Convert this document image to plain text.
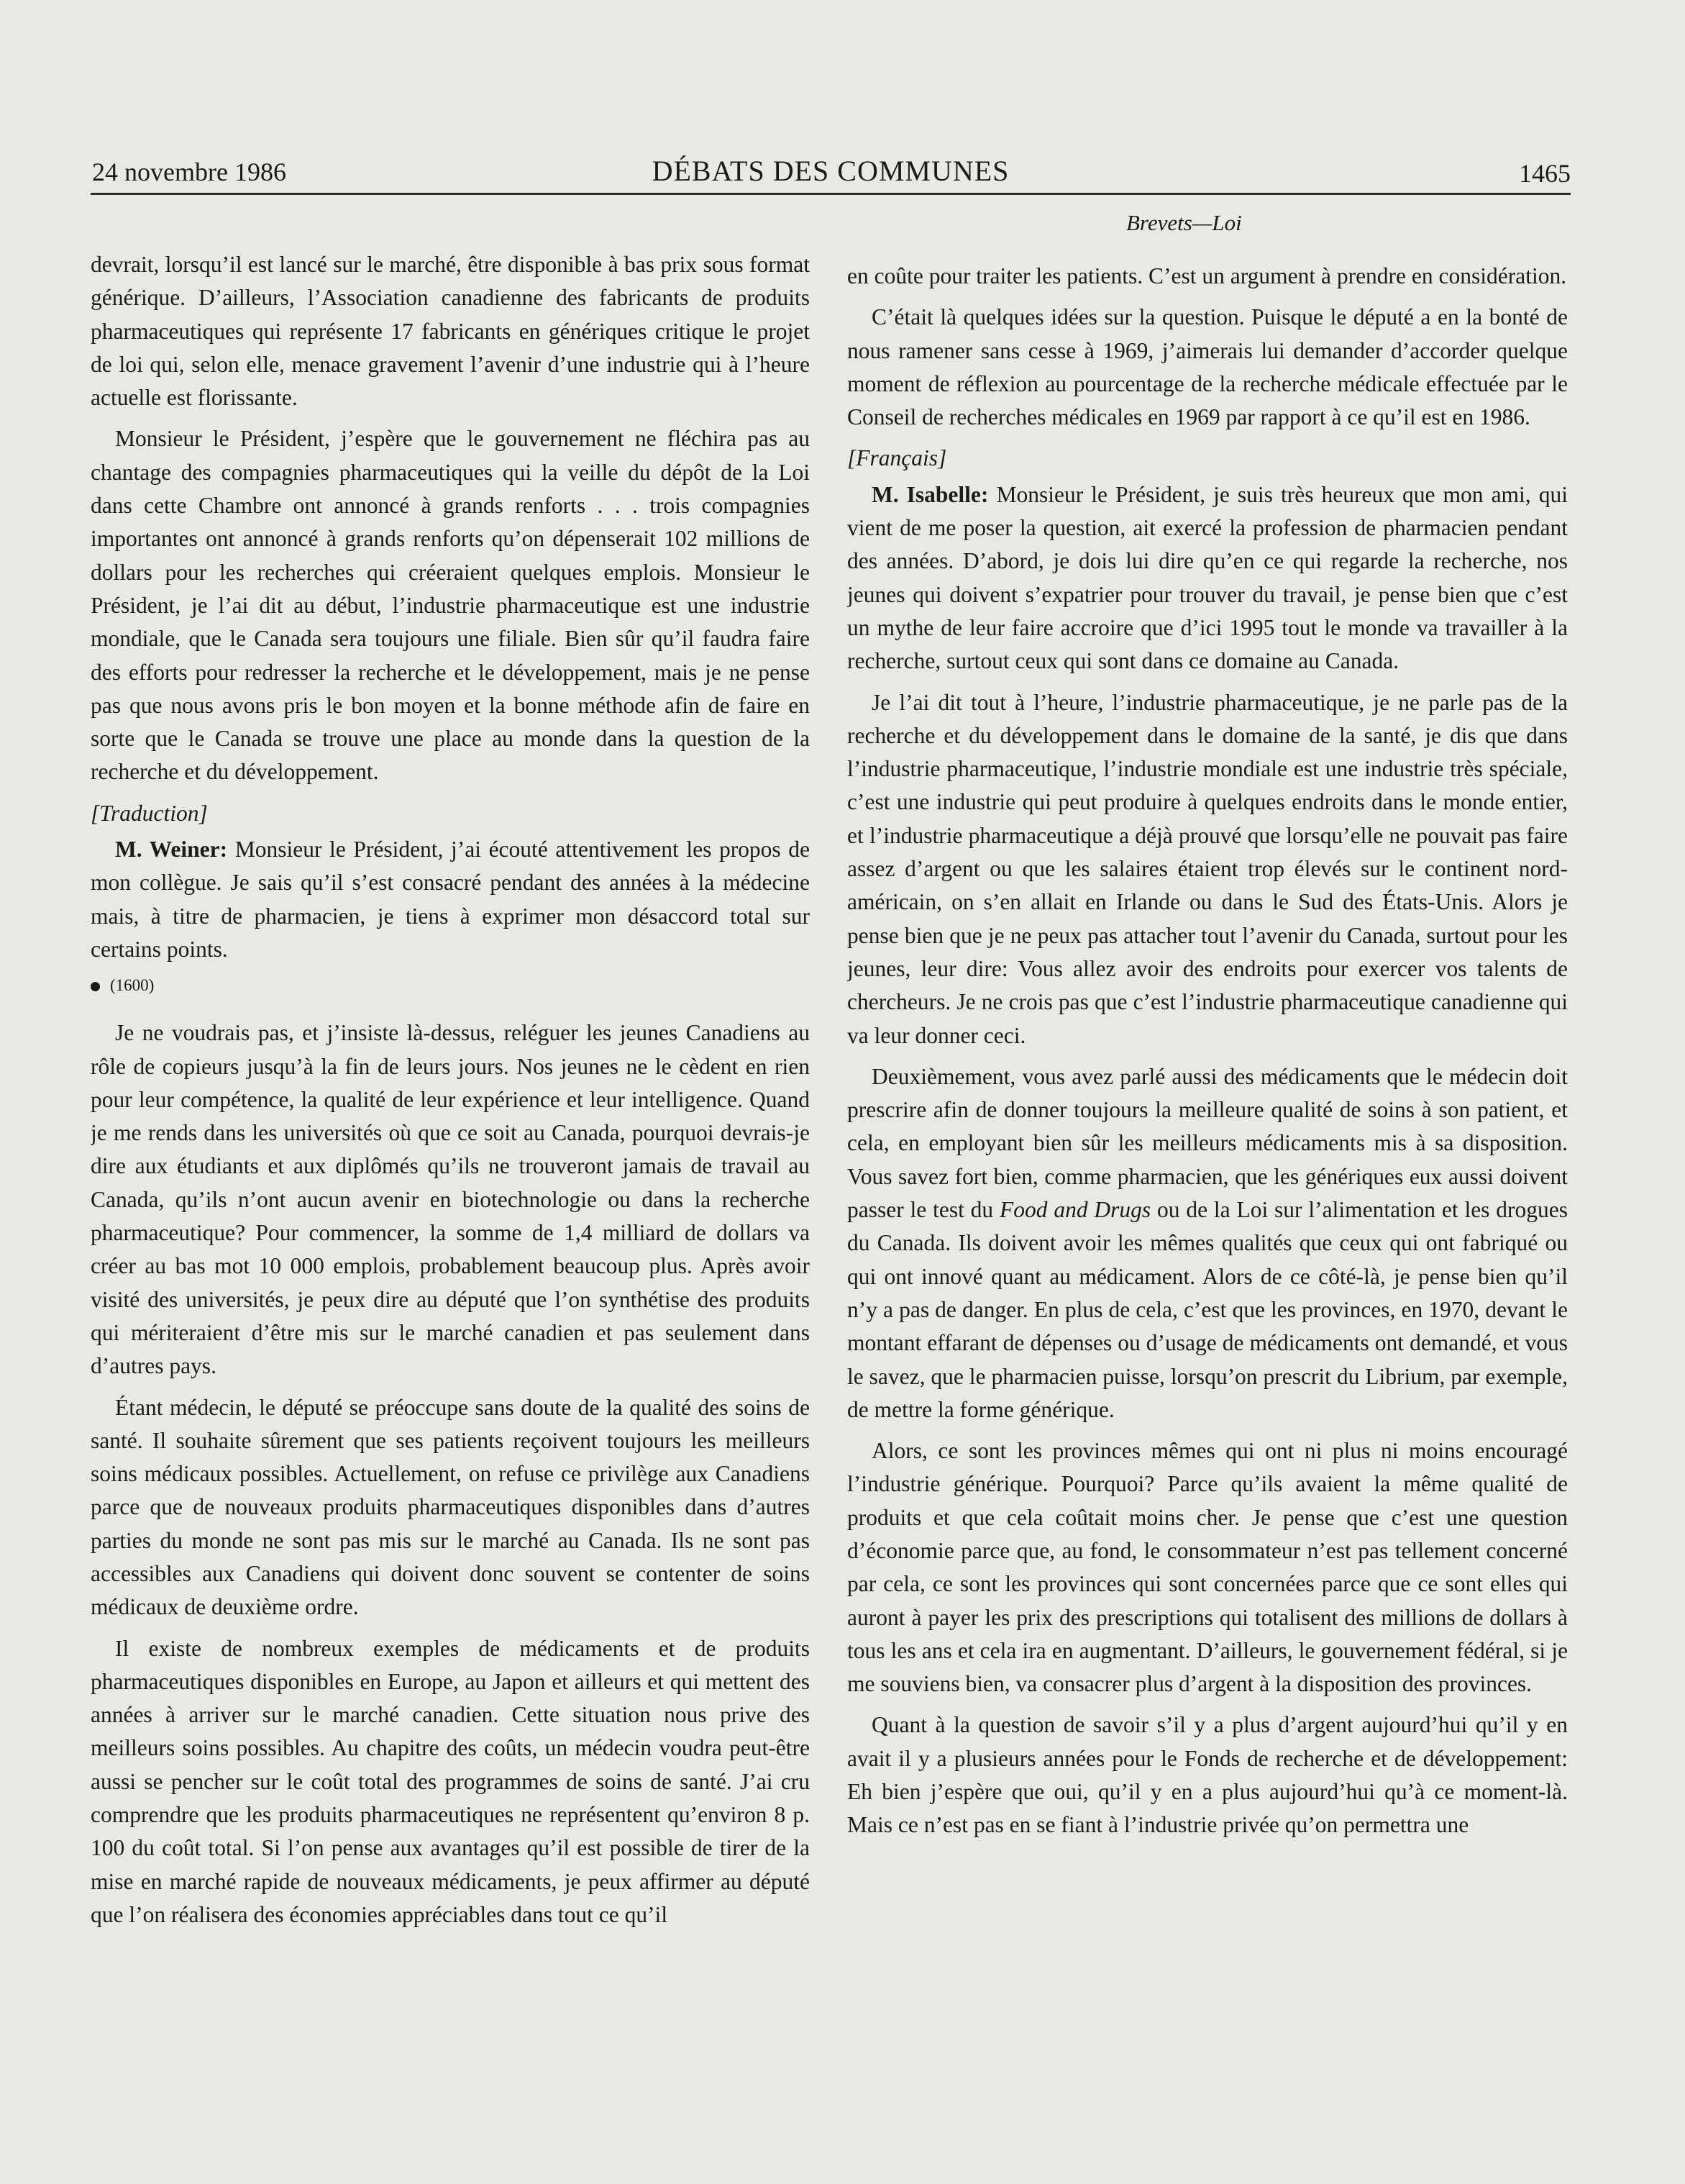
24 novembre 1986	DÉBATS DES COMMUNES	1465
Brevets—Loi

devrait, lorsqu’il est lancé sur le marché, être disponible à bas prix sous format générique. D’ailleurs, l’Association canadienne des fabricants de produits pharmaceutiques qui représente 17 fabricants en génériques critique le projet de loi qui, selon elle, menace gravement l’avenir d’une industrie qui à l’heure actuelle est florissante.

Monsieur le Président, j’espère que le gouvernement ne fléchira pas au chantage des compagnies pharmaceutiques qui la veille du dépôt de la Loi dans cette Chambre ont annoncé à grands renforts . . . trois compagnies importantes ont annoncé à grands renforts qu’on dépenserait 102 millions de dollars pour les recherches qui créeraient quelques emplois. Monsieur le Président, je l’ai dit au début, l’industrie pharmaceutique est une industrie mondiale, que le Canada sera toujours une filiale. Bien sûr qu’il faudra faire des efforts pour redresser la recherche et le développement, mais je ne pense pas que nous avons pris le bon moyen et la bonne méthode afin de faire en sorte que le Canada se trouve une place au monde dans la question de la recherche et du développement.

[Traduction]

M. Weiner: Monsieur le Président, j’ai écouté attentivement les propos de mon collègue. Je sais qu’il s’est consacré pendant des années à la médecine mais, à titre de pharmacien, je tiens à exprimer mon désaccord total sur certains points.

(1600)

Je ne voudrais pas, et j’insiste là-dessus, reléguer les jeunes Canadiens au rôle de copieurs jusqu’à la fin de leurs jours. Nos jeunes ne le cèdent en rien pour leur compétence, la qualité de leur expérience et leur intelligence. Quand je me rends dans les universités où que ce soit au Canada, pourquoi devrais-je dire aux étudiants et aux diplômés qu’ils ne trouveront jamais de travail au Canada, qu’ils n’ont aucun avenir en biotechnologie ou dans la recherche pharmaceutique? Pour commencer, la somme de 1,4 milliard de dollars va créer au bas mot 10 000 emplois, probablement beaucoup plus. Après avoir visité des universités, je peux dire au député que l’on synthétise des produits qui mériteraient d’être mis sur le marché canadien et pas seulement dans d’autres pays.

Étant médecin, le député se préoccupe sans doute de la qualité des soins de santé. Il souhaite sûrement que ses patients reçoivent toujours les meilleurs soins médicaux possibles. Actuellement, on refuse ce privilège aux Canadiens parce que de nouveaux produits pharmaceutiques disponibles dans d’autres parties du monde ne sont pas mis sur le marché au Canada. Ils ne sont pas accessibles aux Canadiens qui doivent donc souvent se contenter de soins médicaux de deuxième ordre.

Il existe de nombreux exemples de médicaments et de produits pharmaceutiques disponibles en Europe, au Japon et ailleurs et qui mettent des années à arriver sur le marché canadien. Cette situation nous prive des meilleurs soins possibles. Au chapitre des coûts, un médecin voudra peut-être aussi se pencher sur le coût total des programmes de soins de santé. J’ai cru comprendre que les produits pharmaceutiques ne représentent qu’environ 8 p. 100 du coût total. Si l’on pense aux avantages qu’il est possible de tirer de la mise en marché rapide de nouveaux médicaments, je peux affirmer au député que l’on réalisera des économies appréciables dans tout ce qu’il

en coûte pour traiter les patients. C’est un argument à prendre en considération.

C’était là quelques idées sur la question. Puisque le député a en la bonté de nous ramener sans cesse à 1969, j’aimerais lui demander d’accorder quelque moment de réflexion au pourcentage de la recherche médicale effectuée par le Conseil de recherches médicales en 1969 par rapport à ce qu’il est en 1986.

[Français]

M. Isabelle: Monsieur le Président, je suis très heureux que mon ami, qui vient de me poser la question, ait exercé la profession de pharmacien pendant des années. D’abord, je dois lui dire qu’en ce qui regarde la recherche, nos jeunes qui doivent s’expatrier pour trouver du travail, je pense bien que c’est un mythe de leur faire accroire que d’ici 1995 tout le monde va travailler à la recherche, surtout ceux qui sont dans ce domaine au Canada.

Je l’ai dit tout à l’heure, l’industrie pharmaceutique, je ne parle pas de la recherche et du développement dans le domaine de la santé, je dis que dans l’industrie pharmaceutique, l’industrie mondiale est une industrie très spéciale, c’est une industrie qui peut produire à quelques endroits dans le monde entier, et l’industrie pharmaceutique a déjà prouvé que lorsqu’elle ne pouvait pas faire assez d’argent ou que les salaires étaient trop élevés sur le continent nord-américain, on s’en allait en Irlande ou dans le Sud des États-Unis. Alors je pense bien que je ne peux pas attacher tout l’avenir du Canada, surtout pour les jeunes, leur dire: Vous allez avoir des endroits pour exercer vos talents de chercheurs. Je ne crois pas que c’est l’industrie pharmaceutique canadienne qui va leur donner ceci.

Deuxièmement, vous avez parlé aussi des médicaments que le médecin doit prescrire afin de donner toujours la meilleure qualité de soins à son patient, et cela, en employant bien sûr les meilleurs médicaments mis à sa disposition. Vous savez fort bien, comme pharmacien, que les génériques eux aussi doivent passer le test du Food and Drugs ou de la Loi sur l’alimentation et les drogues du Canada. Ils doivent avoir les mêmes qualités que ceux qui ont fabriqué ou qui ont innové quant au médicament. Alors de ce côté-là, je pense bien qu’il n’y a pas de danger. En plus de cela, c’est que les provinces, en 1970, devant le montant effarant de dépenses ou d’usage de médicaments ont demandé, et vous le savez, que le pharmacien puisse, lorsqu’on prescrit du Librium, par exemple, de mettre la forme générique.

Alors, ce sont les provinces mêmes qui ont ni plus ni moins encouragé l’industrie générique. Pourquoi? Parce qu’ils avaient la même qualité de produits et que cela coûtait moins cher. Je pense que c’est une question d’économie parce que, au fond, le consommateur n’est pas tellement concerné par cela, ce sont les provinces qui sont concernées parce que ce sont elles qui auront à payer les prix des prescriptions qui totalisent des millions de dollars à tous les ans et cela ira en augmentant. D’ailleurs, le gouvernement fédéral, si je me souviens bien, va consacrer plus d’argent à la disposition des provinces.

Quant à la question de savoir s’il y a plus d’argent aujourd’hui qu’il y en avait il y a plusieurs années pour le Fonds de recherche et de développement: Eh bien j’espère que oui, qu’il y en a plus aujourd’hui qu’à ce moment-là. Mais ce n’est pas en se fiant à l’industrie privée qu’on permettra une
